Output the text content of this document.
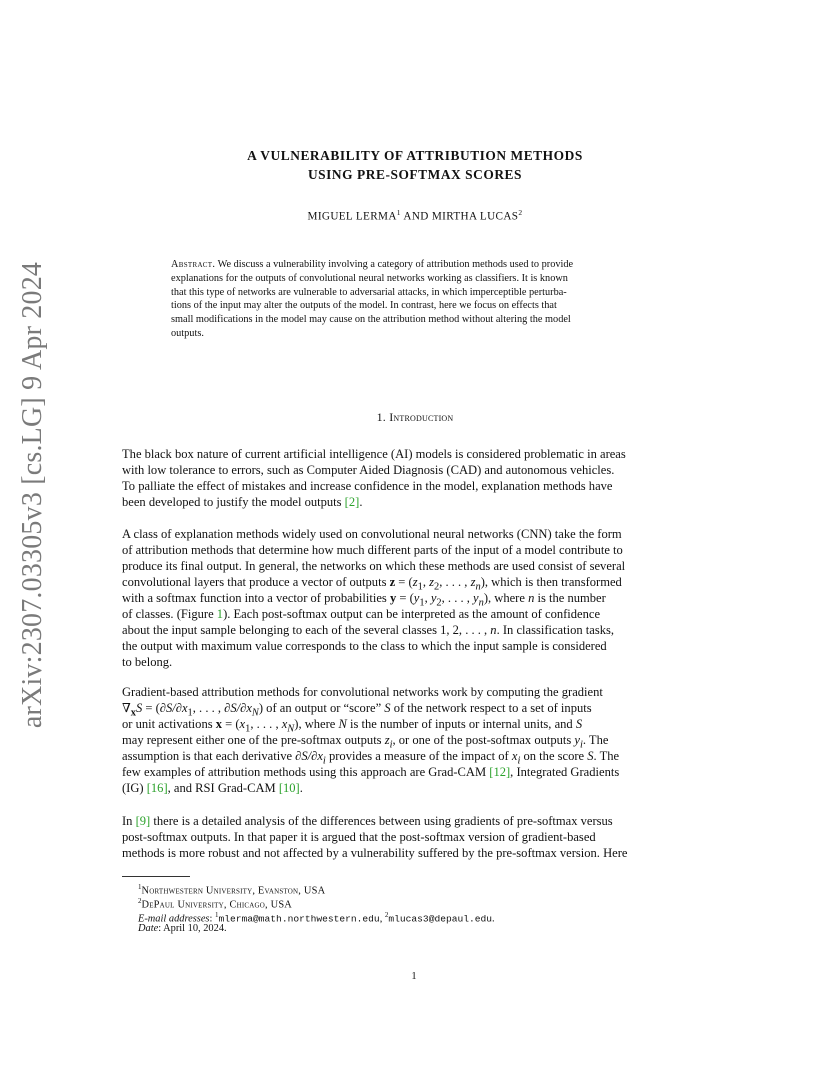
arXiv:2307.03305v3 [cs.LG] 9 Apr 2024
A VULNERABILITY OF ATTRIBUTION METHODS
USING PRE-SOFTMAX SCORES
MIGUEL LERMA$^1$ AND MIRTHA LUCAS$^2$
Abstract. We discuss a vulnerability involving a category of attribution methods used to provide
explanations for the outputs of convolutional neural networks working as classifiers. It is known
that this type of networks are vulnerable to adversarial attacks, in which imperceptible perturba-
tions of the input may alter the outputs of the model. In contrast, here we focus on effects that
small modifications in the model may cause on the attribution method without altering the model
outputs.
1. Introduction
The black box nature of current artificial intelligence (AI) models is considered problematic in areas
with low tolerance to errors, such as Computer Aided Diagnosis (CAD) and autonomous vehicles.
To palliate the effect of mistakes and increase confidence in the model, explanation methods have
been developed to justify the model outputs [2].
A class of explanation methods widely used on convolutional neural networks (CNN) take the form
of attribution methods that determine how much different parts of the input of a model contribute to
produce its final output. In general, the networks on which these methods are used consist of several
convolutional layers that produce a vector of outputs $z = (z_1$, $z_2$, . . . , $z_n$), which is then transformed
with a softmax function into a vector of probabilities $y = (y_1$, $y_2$, . . . , $y_n$), where n is the number
of classes. (Figure 1). Each post-softmax output can be interpreted as the amount of confidence
about the input sample belonging to each of the several classes 1, 2, . . . , n. In classification tasks,
the output with maximum value corresponds to the class to which the input sample is considered
to belong.
Gradient-based attribution methods for convolutional networks work by computing the gradient
$\nabla_xS = (\partial S/\partial x_1$, . . . , $\partial S/\partial x_N$) of an output or “score” S of the network respect to a set of inputs
or unit activations $x = (x_1$, . . . , $x_N$), where N is the number of inputs or internal units, and S
may represent either one of the pre-softmax outputs $z_i$, or one of the post-softmax outputs $y_i$. The
assumption is that each derivative $\partial S/\partial x_i$ provides a measure of the impact of $x_i$ on the score S. The
few examples of attribution methods using this approach are Grad-CAM [12], Integrated Gradients
(IG) [16], and RSI Grad-CAM [10].
In [9] there is a detailed analysis of the differences between using gradients of pre-softmax versus
post-softmax outputs. In that paper it is argued that the post-softmax version of gradient-based
methods is more robust and not affected by a vulnerability suffered by the pre-softmax version. Here
$^1$Northwestern University, Evanston, USA
$^2$DePaul University, Chicago, USA
E-mail addresses: $^1$mlerma@math.northwestern.edu, $^2$mlucas3@depaul.edu.
Date: April 10, 2024.
1
